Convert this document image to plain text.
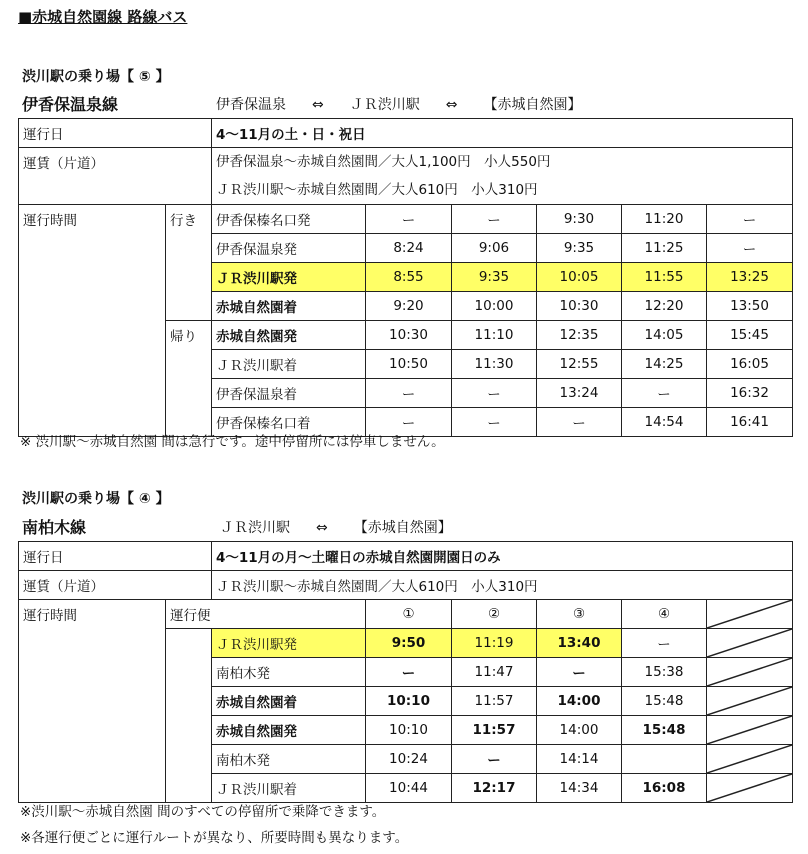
■赤城自然園線 路線バス
渋川駅の乗り場【 ⑤ 】
伊香保温泉線	伊香保温泉 ⇔ ＪＲ渋川駅 ⇔ 【赤城自然園】
運行日		4〜11月の土・日・祝日					
運賃（片道）		伊香保温泉〜赤城自然園間／大人1,100円　小人550円
ＪＲ渋川駅〜赤城自然園間／大人610円　小人310円					

運行時間	行き	伊香保榛名口発	ー	ー	9:30	11:20	ー
		伊香保温泉発	8:24	9:06	9:35	11:25	ー
		ＪＲ渋川駅発	8:55	9:35	10:05	11:55	13:25
		赤城自然園着	9:20	10:00	10:30	12:20	13:50
	帰り	赤城自然園発	10:30	11:10	12:35	14:05	15:45
		ＪＲ渋川駅着	10:50	11:30	12:55	14:25	16:05
		伊香保温泉着	ー	ー	13:24	ー	16:32
		伊香保榛名口着	ー	ー	ー	14:54	16:41
※ 渋川駅〜赤城自然園 間は急行です。途中停留所には停車しません。
渋川駅の乗り場【 ④ 】
南柏木線	ＪＲ渋川駅 ⇔ 【赤城自然園】
運行日		4〜11月の月〜土曜日の赤城自然園開園日のみ					
運賃（片道）		ＪＲ渋川駅〜赤城自然園間／大人610円　小人310円					
運行時間	運行便		①	②	③	④	

		ＪＲ渋川駅発	9:50	11:19	13:40	ー	

		南柏木発	ー	11:47	ー	15:38	

		赤城自然園着	10:10	11:57	14:00	15:48	

		赤城自然園発	10:10	11:57	14:00	15:48	

		南柏木発	10:24	ー	14:14		

		ＪＲ渋川駅着	10:44	12:17	14:34	16:08	
※渋川駅〜赤城自然園 間のすべての停留所で乗降できます。
※各運行便ごとに運行ルートが異なり、所要時間も異なります。
